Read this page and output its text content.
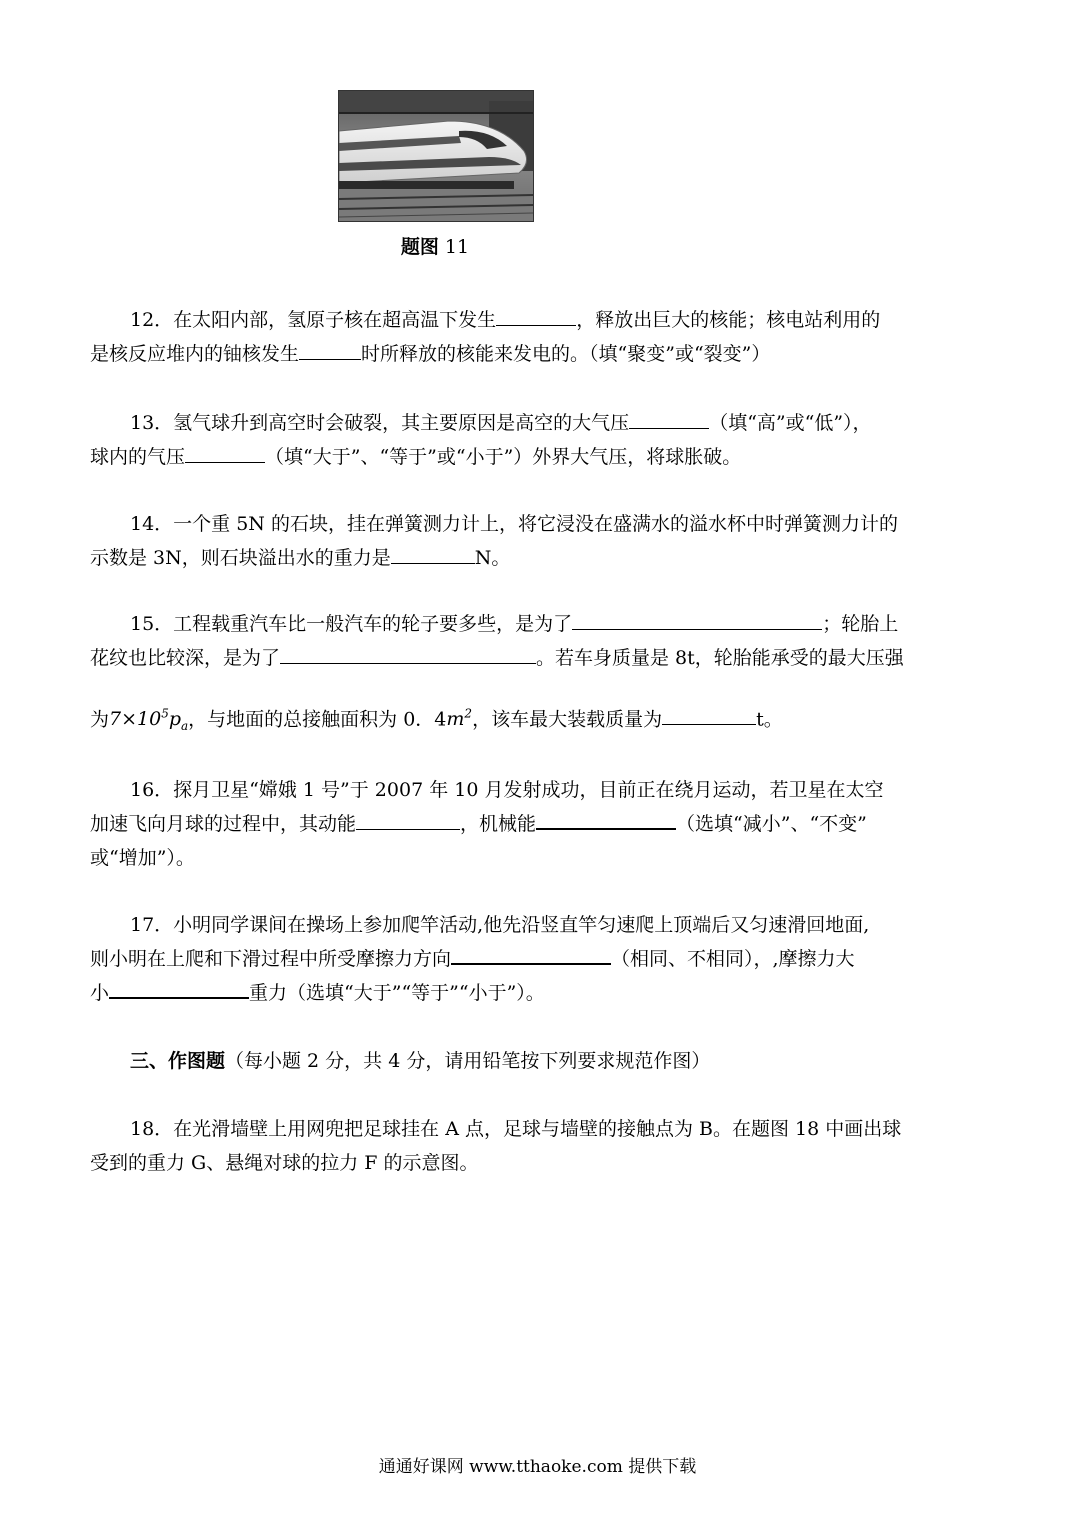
题图 11
12．在太阳内部，氢原子核在超高温下发生	，释放出巨大的核能；核电站利用的
是核反应堆内的铀核发生	时所释放的核能来发电的。（填“聚变”或“裂变”）
13．氢气球升到高空时会破裂，其主要原因是高空的大气压	（填“高”或“低”），
球内的气压	（填“大于”、“等于”或“小于”）外界大气压，将球胀破。
14．一个重 5N 的石块，挂在弹簧测力计上，将它浸没在盛满水的溢水杯中时弹簧测力计的
示数是 3N，则石块溢出水的重力是	N。
15．工程载重汽车比一般汽车的轮子要多些，是为了	；轮胎上
花纹也比较深，是为了	。若车身质量是 8t，轮胎能承受的最大压强
为$7\times 10^5p_a$，与地面的总接触面积为 0．$4m^2$，该车最大装载质量为	t。
16．探月卫星“嫦娥 1 号”于 2007 年 10 月发射成功，目前正在绕月运动，若卫星在太空
加速飞向月球的过程中，其动能	，机械能	（选填“减小”、“不变”
或“增加”）。
17．小明同学课间在操场上参加爬竿活动,他先沿竖直竿匀速爬上顶端后又匀速滑回地面,
则小明在上爬和下滑过程中所受摩擦力方向	（相同、不相同），,摩擦力大
小	重力（选填“大于”“等于”“小于”）。
三、作图题（每小题 2 分，共 4 分，请用铅笔按下列要求规范作图）
18．在光滑墙壁上用网兜把足球挂在 A 点，足球与墙壁的接触点为 B。在题图 18 中画出球
受到的重力 G、悬绳对球的拉力 F 的示意图。
通通好课网 www.tthaoke.com 提供下载
